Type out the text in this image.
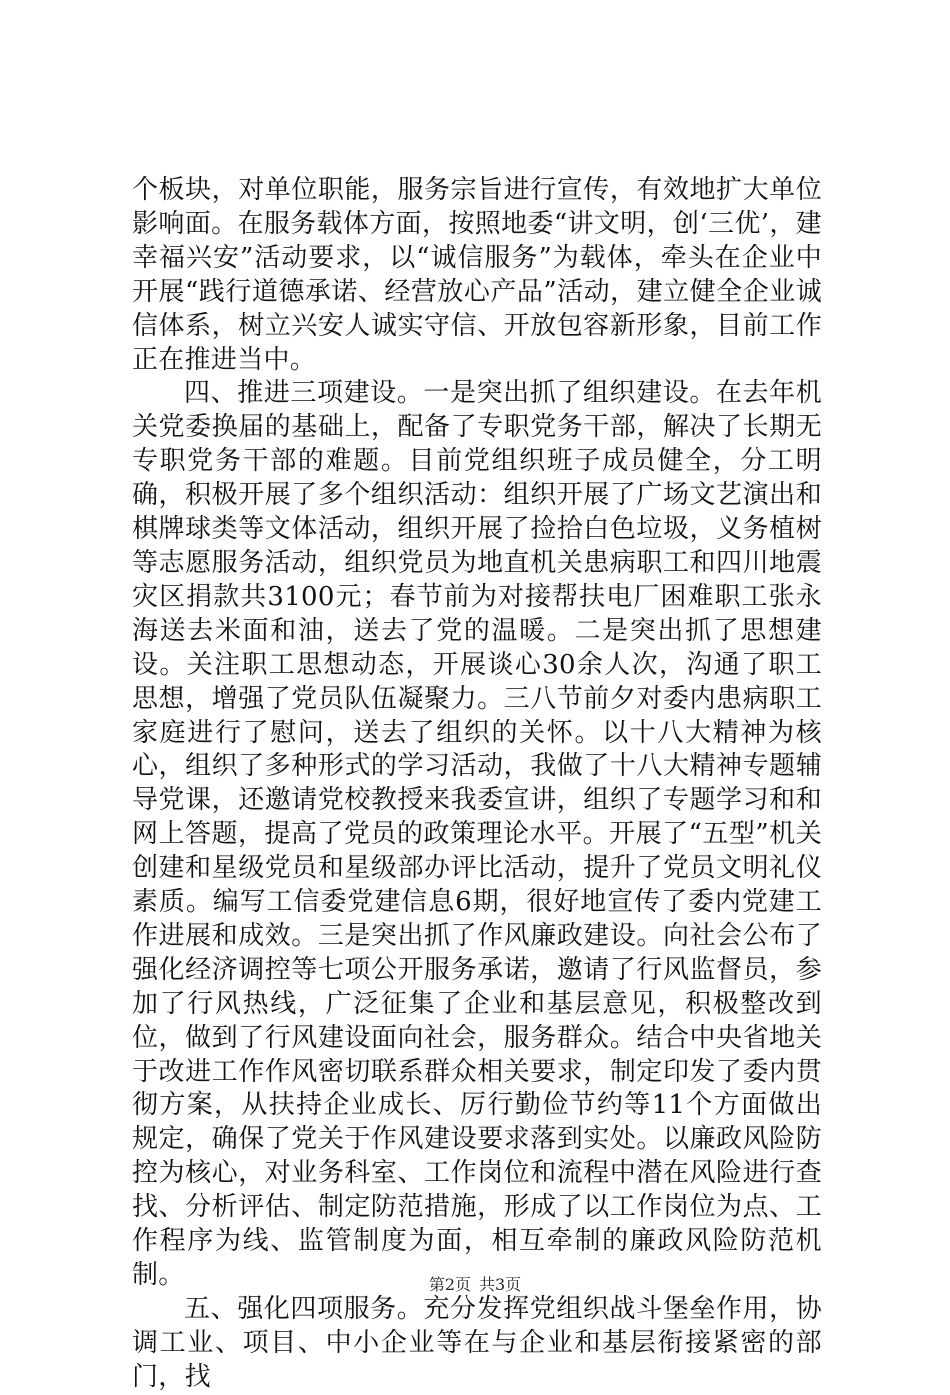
个板块，对单位职能，服务宗旨进行宣传，有效地扩大单位影响面。在服务载体方面，按照地委“讲文明，创‘三优’，建幸福兴安”活动要求，以“诚信服务”为载体，牵头在企业中开展“践行道德承诺、经营放心产品”活动，建立健全企业诚信体系，树立兴安人诚实守信、开放包容新形象，目前工作正在推进当中。

四、推进三项建设。一是突出抓了组织建设。在去年机关党委换届的基础上，配备了专职党务干部，解决了长期无专职党务干部的难题。目前党组织班子成员健全，分工明确，积极开展了多个组织活动：组织开展了广场文艺演出和棋牌球类等文体活动，组织开展了捡拾白色垃圾，义务植树等志愿服务活动，组织党员为地直机关患病职工和四川地震灾区捐款共3100元；春节前为对接帮扶电厂困难职工张永海送去米面和油，送去了党的温暖。二是突出抓了思想建设。关注职工思想动态，开展谈心30余人次，沟通了职工思想，增强了党员队伍凝聚力。三八节前夕对委内患病职工家庭进行了慰问，送去了组织的关怀。以十八大精神为核心，组织了多种形式的学习活动，我做了十八大精神专题辅导党课，还邀请党校教授来我委宣讲，组织了专题学习和和网上答题，提高了党员的政策理论水平。开展了“五型”机关创建和星级党员和星级部办评比活动，提升了党员文明礼仪素质。编写工信委党建信息6期，很好地宣传了委内党建工作进展和成效。三是突出抓了作风廉政建设。向社会公布了强化经济调控等七项公开服务承诺，邀请了行风监督员，参加了行风热线，广泛征集了企业和基层意见，积极整改到位，做到了行风建设面向社会，服务群众。结合中央省地关于改进工作作风密切联系群众相关要求，制定印发了委内贯彻方案，从扶持企业成长、厉行勤俭节约等11个方面做出规定，确保了党关于作风建设要求落到实处。以廉政风险防控为核心，对业务科室、工作岗位和流程中潜在风险进行查找、分析评估、制定防范措施，形成了以工作岗位为点、工作程序为线、监管制度为面，相互牵制的廉政风险防范机制。

五、强化四项服务。充分发挥党组织战斗堡垒作用，协调工业、项目、中小企业等在与企业和基层衔接紧密的部门，找

第2页 共3页
